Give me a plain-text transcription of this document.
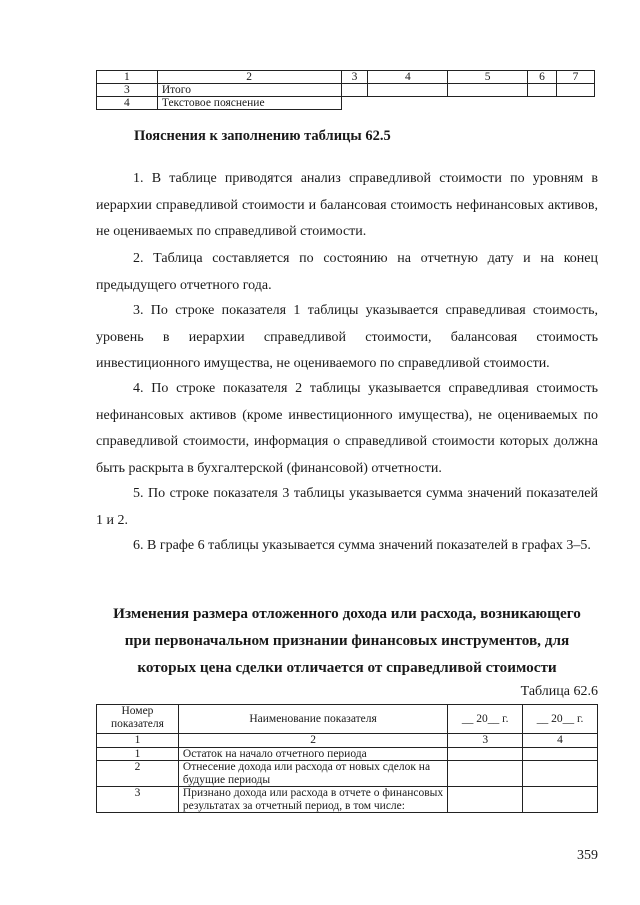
1	2	3	4	5	6	7
3	Итого					
4	Текстовое пояснение					
Пояснения к заполнению таблицы 62.5

1. В таблице приводятся анализ справедливой стоимости по уровням в иерархии справедливой стоимости и балансовая стоимость нефинансовых активов, не оцениваемых по справедливой стоимости.

2. Таблица составляется по состоянию на отчетную дату и на конец предыдущего отчетного года.

3. По строке показателя 1 таблицы указывается справедливая стоимость, уровень в иерархии справедливой стоимости, балансовая стоимость инвестиционного имущества, не оцениваемого по справедливой стоимости.

4. По строке показателя 2 таблицы указывается справедливая стоимость нефинансовых активов (кроме инвестиционного имущества), не оцениваемых по справедливой стоимости, информация о справедливой стоимости которых должна быть раскрыта в бухгалтерской (финансовой) отчетности.

5. По строке показателя 3 таблицы указывается сумма значений показателей 1 и 2.

6. В графе 6 таблицы указывается сумма значений показателей в графах 3–5.

Изменения размера отложенного дохода или расхода, возникающего
при первоначальном признании финансовых инструментов, для
которых цена сделки отличается от справедливой стоимости
Таблица 62.6
Номер показателя	Наименование показателя	__ 20__ г.	__ 20__ г.
1	2	3	4
1	Остаток на начало отчетного периода		
2	Отнесение дохода или расхода от новых сделок на будущие периоды		
3	Признано дохода или расхода в отчете о финансовых результатах за отчетный период, в том числе:		
359
